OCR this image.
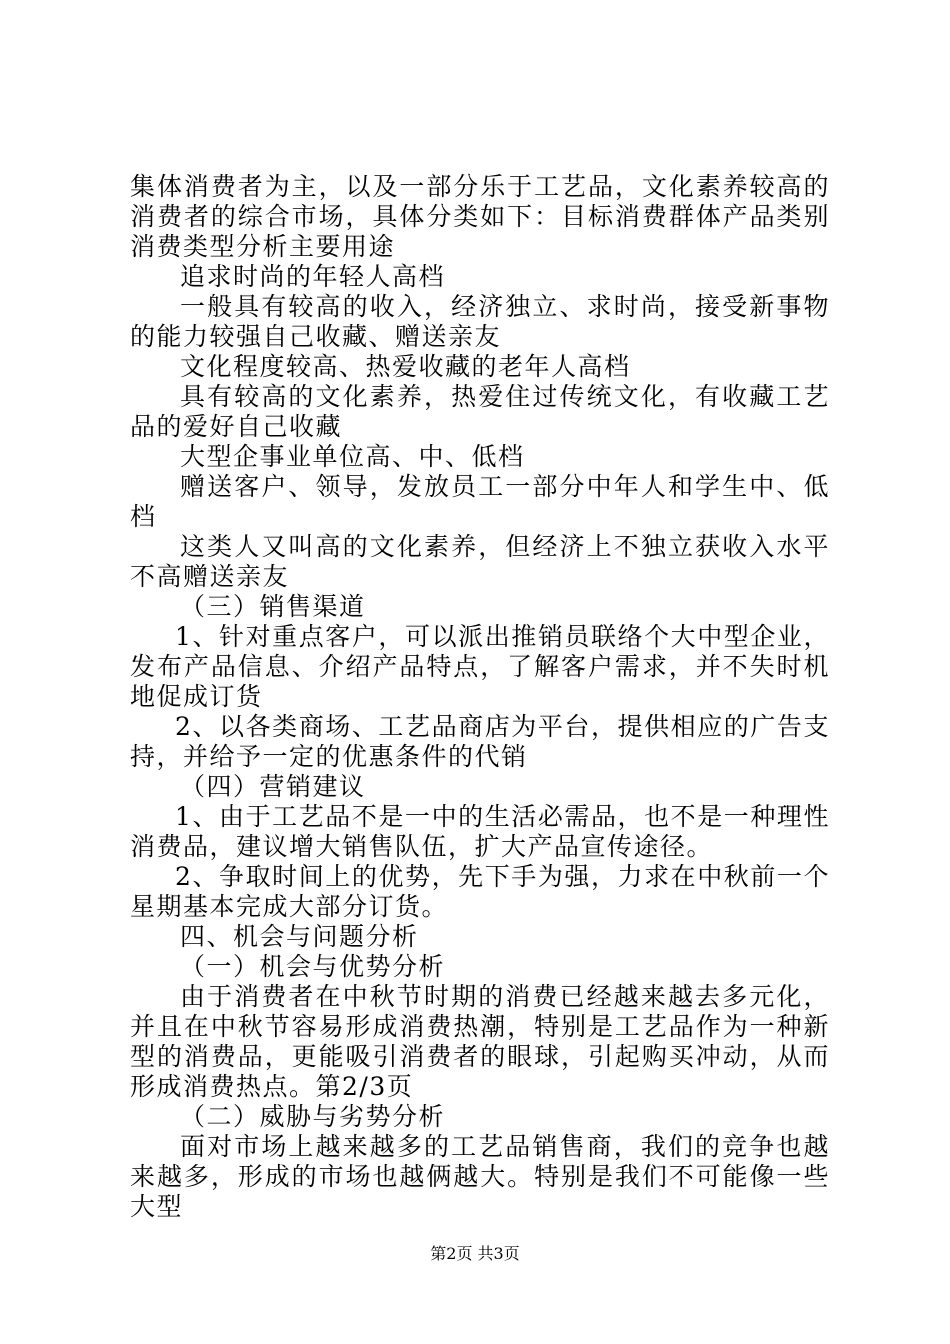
集体消费者为主，以及一部分乐于工艺品，文化素养较高的消费者的综合市场，具体分类如下：目标消费群体产品类别消费类型分析主要用途

追求时尚的年轻人高档

一般具有较高的收入，经济独立、求时尚，接受新事物的能力较强自己收藏、赠送亲友

文化程度较高、热爱收藏的老年人高档

具有较高的文化素养，热爱住过传统文化，有收藏工艺品的爱好自己收藏

大型企事业单位高、中、低档

赠送客户、领导，发放员工一部分中年人和学生中、低档

这类人又叫高的文化素养，但经济上不独立获收入水平不高赠送亲友

（三）销售渠道

1、针对重点客户，可以派出推销员联络个大中型企业，发布产品信息、介绍产品特点，了解客户需求，并不失时机地促成订货

2、以各类商场、工艺品商店为平台，提供相应的广告支持，并给予一定的优惠条件的代销

（四）营销建议

1、由于工艺品不是一中的生活必需品，也不是一种理性消费品，建议增大销售队伍，扩大产品宣传途径。

2、争取时间上的优势，先下手为强，力求在中秋前一个星期基本完成大部分订货。

四、机会与问题分析

（一）机会与优势分析

由于消费者在中秋节时期的消费已经越来越去多元化，并且在中秋节容易形成消费热潮，特别是工艺品作为一种新型的消费品，更能吸引消费者的眼球，引起购买冲动，从而形成消费热点。第2/3页

（二）威胁与劣势分析

面对市场上越来越多的工艺品销售商，我们的竞争也越来越多，形成的市场也越俩越大。特别是我们不可能像一些大型

第2页 共3页
